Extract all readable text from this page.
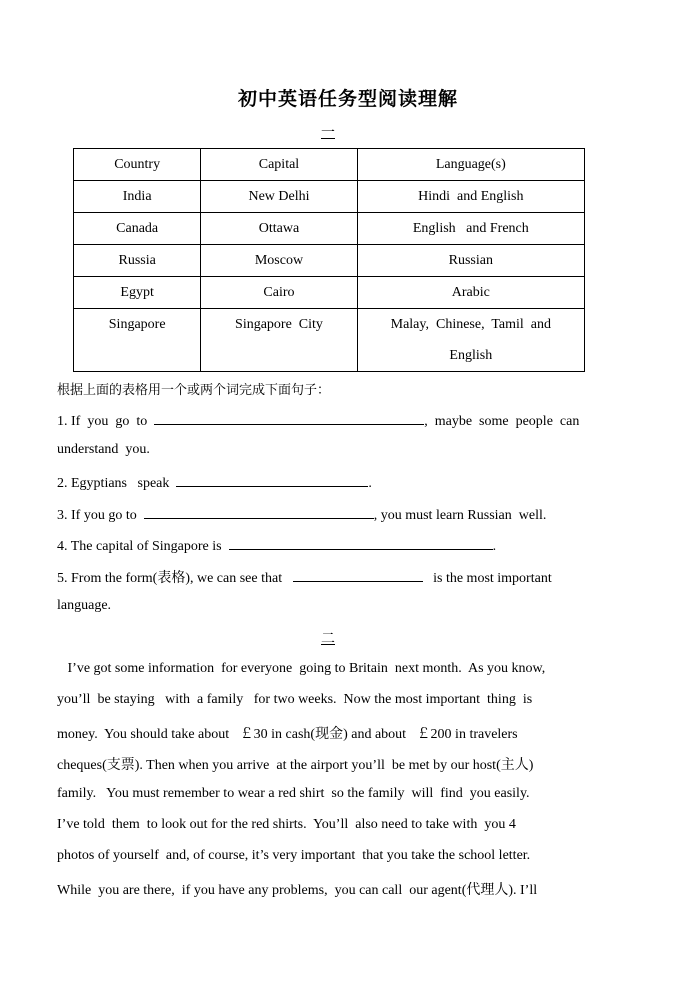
初中英语任务型阅读理解
一
Country	Capital	Language(s)
India	New Delhi	Hindi  and English
Canada	Ottawa	English   and French
Russia	Moscow	Russian
Egypt	Cairo	Arabic
Singapore	Singapore  City	Malay,  Chinese,  Tamil  and
English
根据上面的表格用一个或两个词完成下面句子：
1. If  you  go  to	,  maybe  some  people  can
understand  you.
2. Egyptians   speak	.
3. If you go to	, you must learn Russian  well.
4. The capital of Singapore is	.
5. From the form(表格), we can see that	is the most important
language.
二
I’ve got some information  for everyone  going to Britain  next month.  As you know,
you’ll  be staying   with  a family   for two weeks.  Now the most important  thing  is
money.  You should take about   ￡30 in cash(现金) and about   ￡200 in travelers
cheques(支票). Then when you arrive  at the airport you’ll  be met by our host(主人)
family.   You must remember to wear a red shirt  so the family  will  find  you easily.
I’ve told  them  to look out for the red shirts.  You’ll  also need to take with  you 4
photos of yourself  and, of course, it’s very important  that you take the school letter.
While  you are there,  if you have any problems,  you can call  our agent(代理人). I’ll
